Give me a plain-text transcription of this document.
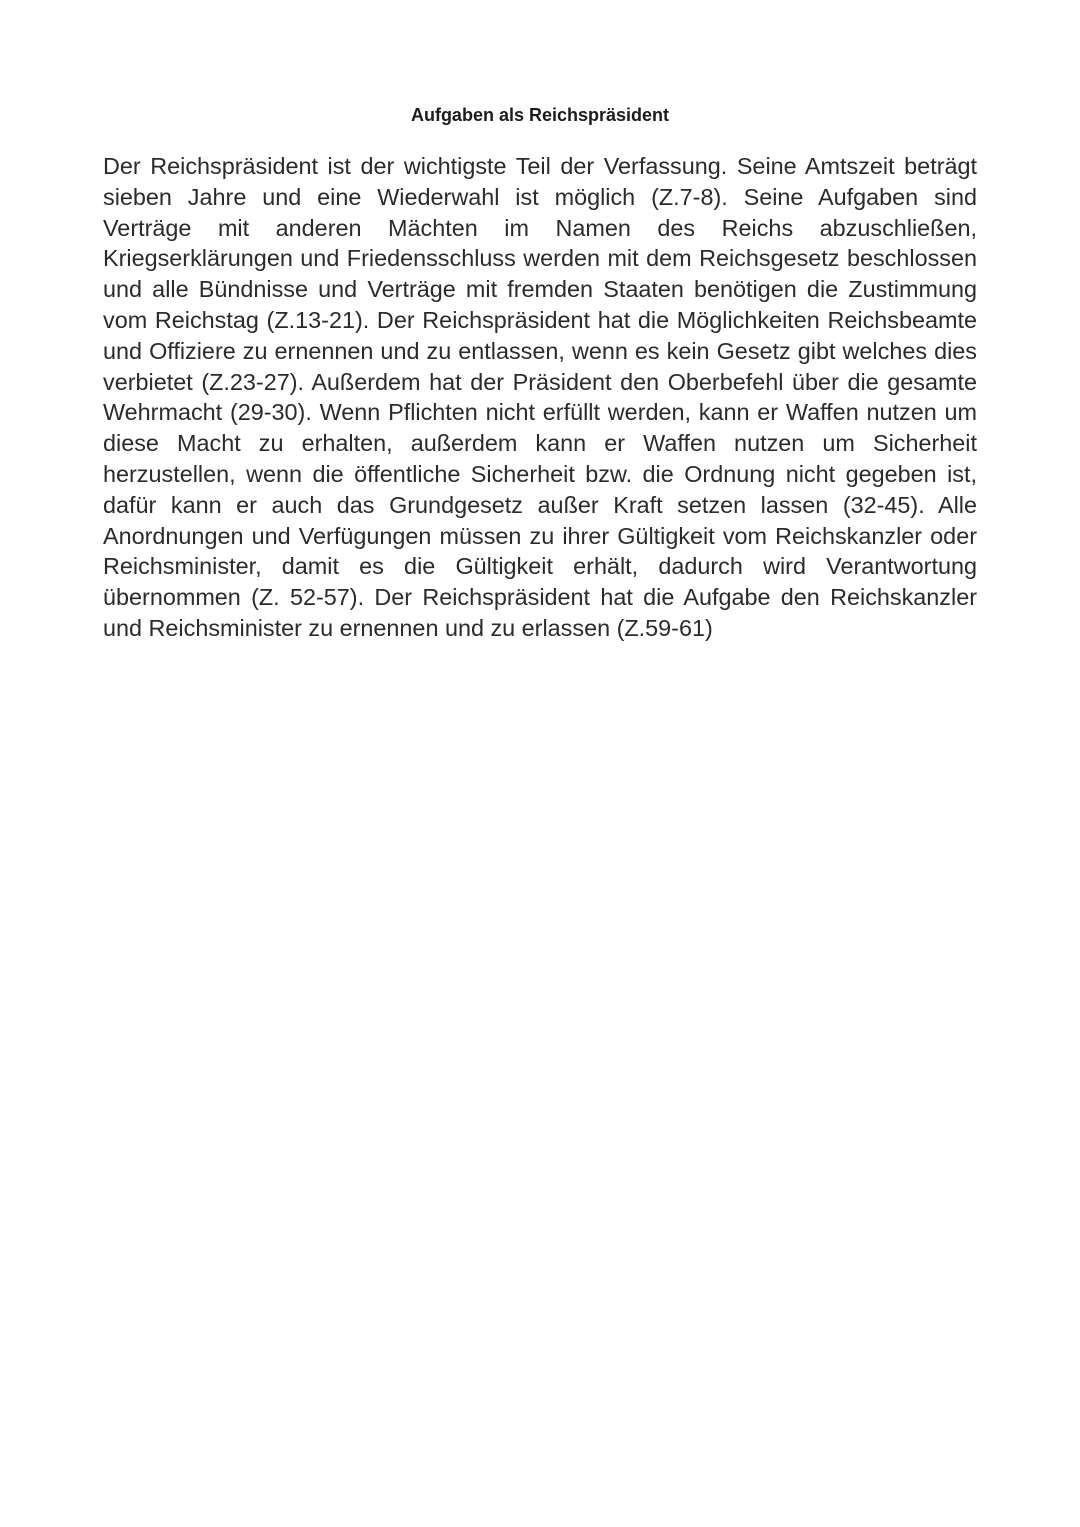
Aufgaben als Reichspräsident

Der Reichspräsident ist der wichtigste Teil der Verfassung. Seine Amtszeit beträgt sieben Jahre und eine Wiederwahl ist möglich (Z.7-8). Seine Aufgaben sind Verträge mit anderen Mächten im Namen des Reichs abzuschließen, Kriegserklärungen und Friedensschluss werden mit dem Reichsgesetz beschlossen und alle Bündnisse und Verträge mit fremden Staaten benötigen die Zustimmung vom Reichstag (Z.13-21). Der Reichspräsident hat die Möglichkeiten Reichsbeamte und Offiziere zu ernennen und zu entlassen, wenn es kein Gesetz gibt welches dies verbietet (Z.23-27). Außerdem hat der Präsident den Oberbefehl über die gesamte Wehrmacht (29-30). Wenn Pflichten nicht erfüllt werden, kann er Waffen nutzen um diese Macht zu erhalten, außerdem kann er Waffen nutzen um Sicherheit herzustellen, wenn die öffentliche Sicherheit bzw. die Ordnung nicht gegeben ist, dafür kann er auch das Grundgesetz außer Kraft setzen lassen (32-45). Alle Anordnungen und Verfügungen müssen zu ihrer Gültigkeit vom Reichskanzler oder Reichsminister, damit es die Gültigkeit erhält, dadurch wird Verantwortung übernommen (Z. 52-57). Der Reichspräsident hat die Aufgabe den Reichskanzler und Reichsminister zu ernennen und zu erlassen (Z.59-61)
